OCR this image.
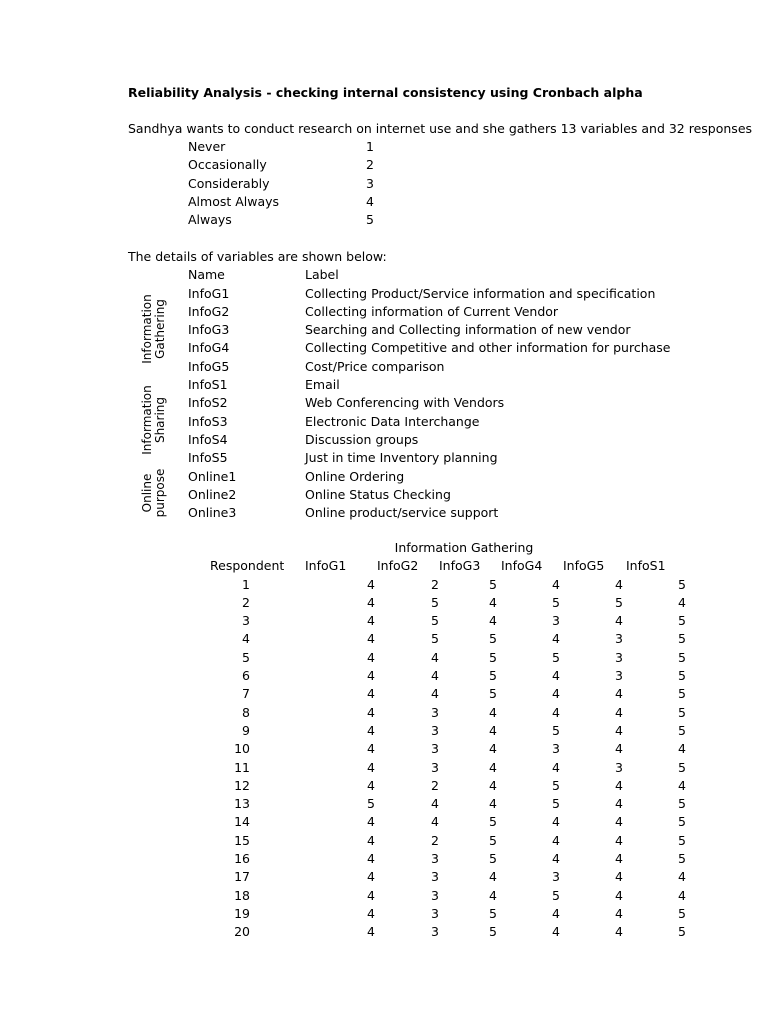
Reliability Analysis - checking internal consistency using Cronbach alpha
Sandhya wants to conduct research on internet use and she gathers 13 variables and 32 responses
Never	1
Occasionally	2
Considerably	3
Almost Always	4
Always	5
The details of variables are shown below:
Name	Label
Information Gathering
Information Sharing
Online purpose
InfoG1	Collecting Product/Service information and specification
InfoG2	Collecting information of Current Vendor
InfoG3	Searching and Collecting information of new vendor
InfoG4	Collecting Competitive and other information for purchase
InfoG5	Cost/Price comparison
InfoS1	Email
InfoS2	Web Conferencing with Vendors
InfoS3	Electronic Data Interchange
InfoS4	Discussion groups
InfoS5	Just in time Inventory planning
Online1	Online Ordering
Online2	Online Status Checking
Online3	Online product/service support
Information Gathering
Respondent InfoG1 InfoG2 InfoG3 InfoG4 InfoG5 InfoS1
1	4	2	5	4	4	5
2	4	5	4	5	5	4
3	4	5	4	3	4	5
4	4	5	5	4	3	5
5	4	4	5	5	3	5
6	4	4	5	4	3	5
7	4	4	5	4	4	5
8	4	3	4	4	4	5
9	4	3	4	5	4	5
10	4	3	4	3	4	4
11	4	3	4	4	3	5
12	4	2	4	5	4	4
13	5	4	4	5	4	5
14	4	4	5	4	4	5
15	4	2	5	4	4	5
16	4	3	5	4	4	5
17	4	3	4	3	4	4
18	4	3	4	5	4	4
19	4	3	5	4	4	5
20	4	3	5	4	4	5
